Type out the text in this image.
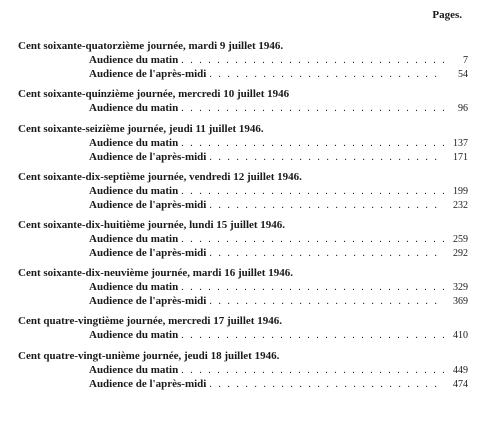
Pages.
Cent soixante-quatorzième journée, mardi 9 juillet 1946.
Audience du matin . . .	7
Audience de l'après-midi . . .	54
Cent soixante-quinzième journée, mercredi 10 juillet 1946
Audience du matin . . .	96
Cent soixante-seizième journée, jeudi 11 juillet 1946.
Audience du matin . . .	137
Audience de l'après-midi . . .	171
Cent soixante-dix-septième journée, vendredi 12 juillet 1946.
Audience du matin . . .	199
Audience de l'après-midi . . .	232
Cent soixante-dix-huitième journée, lundi 15 juillet 1946.
Audience du matin . . .	259
Audience de l'après-midi . . .	292
Cent soixante-dix-neuvième journée, mardi 16 juillet 1946.
Audience du matin . . .	329
Audience de l'après-midi . . .	369
Cent quatre-vingtième journée, mercredi 17 juillet 1946.
Audience du matin . . .	410
Cent quatre-vingt-unième journée, jeudi 18 juillet 1946.
Audience du matin . . .	449
Audience de l'après-midi . . .	474
